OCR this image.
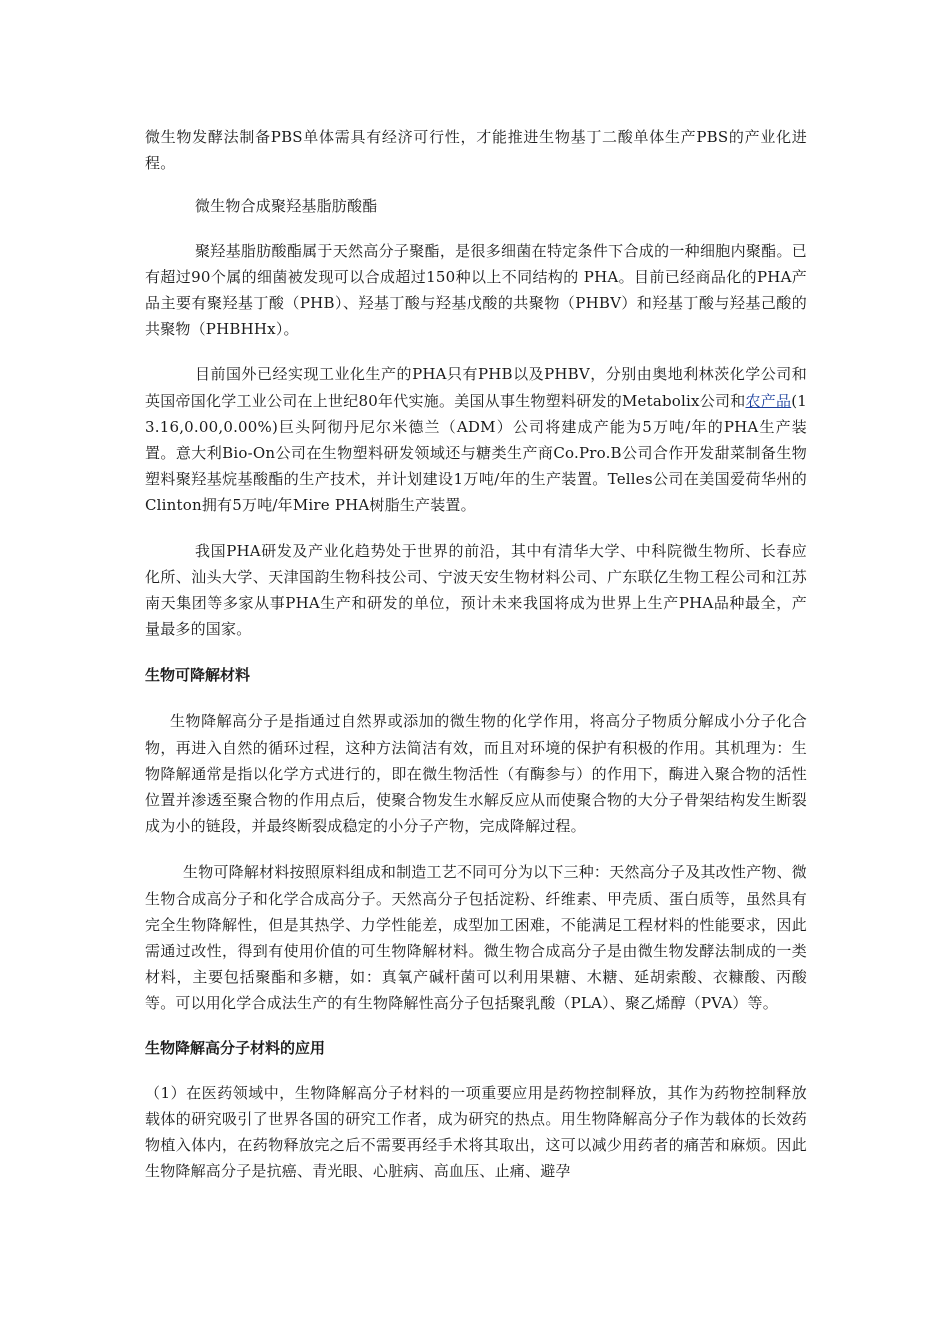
微生物发酵法制备PBS单体需具有经济可行性，才能推进生物基丁二酸单体生产PBS的产业化进程。

微生物合成聚羟基脂肪酸酯

聚羟基脂肪酸酯属于天然高分子聚酯，是很多细菌在特定条件下合成的一种细胞内聚酯。已有超过90个属的细菌被发现可以合成超过150种以上不同结构的 PHA。目前已经商品化的PHA产品主要有聚羟基丁酸（PHB）、羟基丁酸与羟基戊酸的共聚物（PHBV）和羟基丁酸与羟基己酸的共聚物（PHBHHx）。

目前国外已经实现工业化生产的PHA只有PHB以及PHBV，分别由奥地利林茨化学公司和英国帝国化学工业公司在上世纪80年代实施。美国从事生物塑料研发的Metabolix公司和农产品(13.16,0.00,0.00%)巨头阿彻丹尼尔米德兰（ADM）公司将建成产能为5万吨/年的PHA生产装置。意大利Bio-On公司在生物塑料研发领域还与糖类生产商Co.Pro.B公司合作开发甜菜制备生物塑料聚羟基烷基酸酯的生产技术，并计划建设1万吨/年的生产装置。Telles公司在美国爱荷华州的Clinton拥有5万吨/年Mire PHA树脂生产装置。

我国PHA研发及产业化趋势处于世界的前沿，其中有清华大学、中科院微生物所、长春应化所、汕头大学、天津国韵生物科技公司、宁波天安生物材料公司、广东联亿生物工程公司和江苏南天集团等多家从事PHA生产和研发的单位，预计未来我国将成为世界上生产PHA品种最全，产量最多的国家。

生物可降解材料

生物降解高分子是指通过自然界或添加的微生物的化学作用，将高分子物质分解成小分子化合物，再进入自然的循环过程，这种方法简洁有效，而且对环境的保护有积极的作用。其机理为：生物降解通常是指以化学方式进行的，即在微生物活性（有酶参与）的作用下，酶进入聚合物的活性位置并渗透至聚合物的作用点后，使聚合物发生水解反应从而使聚合物的大分子骨架结构发生断裂成为小的链段，并最终断裂成稳定的小分子产物，完成降解过程。

生物可降解材料按照原料组成和制造工艺不同可分为以下三种：天然高分子及其改性产物、微生物合成高分子和化学合成高分子。天然高分子包括淀粉、纤维素、甲壳质、蛋白质等，虽然具有完全生物降解性，但是其热学、力学性能差，成型加工困难，不能满足工程材料的性能要求，因此需通过改性，得到有使用价值的可生物降解材料。微生物合成高分子是由微生物发酵法制成的一类材料，主要包括聚酯和多糖，如：真氧产碱杆菌可以利用果糖、木糖、延胡索酸、衣糠酸、丙酸等。可以用化学合成法生产的有生物降解性高分子包括聚乳酸（PLA）、聚乙烯醇（PVA）等。

生物降解高分子材料的应用

（1）在医药领域中，生物降解高分子材料的一项重要应用是药物控制释放，其作为药物控制释放载体的研究吸引了世界各国的研究工作者，成为研究的热点。用生物降解高分子作为载体的长效药物植入体内，在药物释放完之后不需要再经手术将其取出，这可以减少用药者的痛苦和麻烦。因此生物降解高分子是抗癌、青光眼、心脏病、高血压、止痛、避孕
